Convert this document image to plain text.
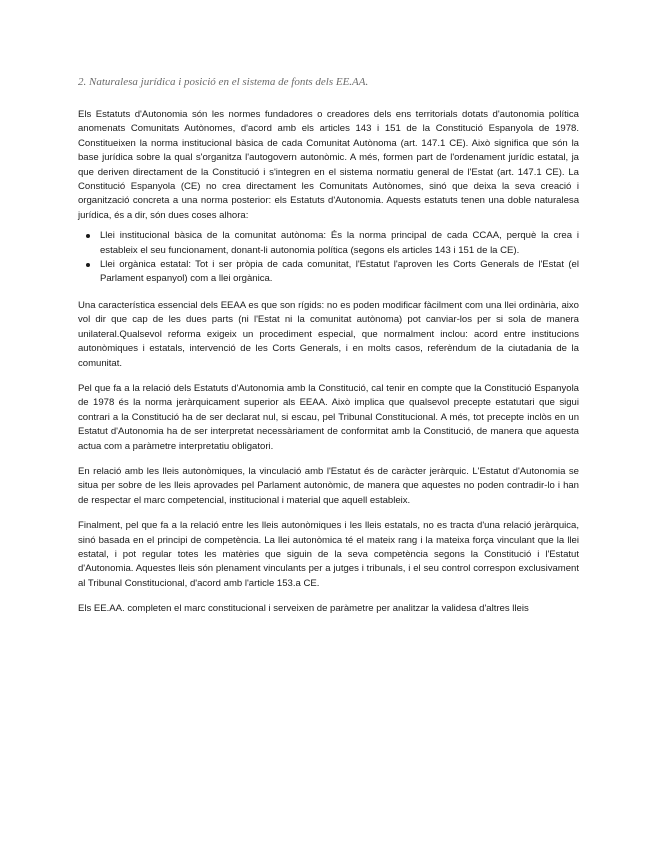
2. Naturalesa jurídica i posició en el sistema de fonts dels EE.AA.

Els Estatuts d'Autonomia són les normes fundadores o creadores dels ens territorials dotats d'autonomia política anomenats Comunitats Autònomes, d'acord amb els articles 143 i 151 de la Constitució Espanyola de 1978. Constitueixen la norma institucional bàsica de cada Comunitat Autònoma (art. 147.1 CE). Això significa que són la base jurídica sobre la qual s'organitza l'autogovern autonòmic. A més, formen part de l'ordenament jurídic estatal, ja que deriven directament de la Constitució i s'integren en el sistema normatiu general de l'Estat (art. 147.1 CE). La Constitució Espanyola (CE) no crea directament les Comunitats Autònomes, sinó que deixa la seva creació i organització concreta a una norma posterior: els Estatuts d'Autonomia. Aquests estatuts tenen una doble naturalesa jurídica, és a dir, són dues coses alhora:

Llei institucional bàsica de la comunitat autònoma: És la norma principal de cada CCAA, perquè la crea i estableix el seu funcionament, donant-li autonomia política (segons els articles 143 i 151 de la CE).
Llei orgànica estatal: Tot i ser pròpia de cada comunitat, l'Estatut l'aproven les Corts Generals de l'Estat (el Parlament espanyol) com a llei orgànica.

Una característica essencial dels EEAA es que son rígids: no es poden modificar fàcilment com una llei ordinària, aixo vol dir que cap de les dues parts (ni l'Estat ni la comunitat autònoma) pot canviar-los per si sola de manera unilateral.Qualsevol reforma exigeix un procediment especial, que normalment inclou: acord entre institucions autonòmiques i estatals, intervenció de les Corts Generals, i en molts casos, referèndum de la ciutadania de la comunitat.

Pel que fa a la relació dels Estatuts d'Autonomia amb la Constitució, cal tenir en compte que la Constitució Espanyola de 1978 és la norma jeràrquicament superior als EEAA. Això implica que qualsevol precepte estatutari que sigui contrari a la Constitució ha de ser declarat nul, si escau, pel Tribunal Constitucional. A més, tot precepte inclòs en un Estatut d'Autonomia ha de ser interpretat necessàriament de conformitat amb la Constitució, de manera que aquesta actua com a paràmetre interpretatiu obligatori.

En relació amb les lleis autonòmiques, la vinculació amb l'Estatut és de caràcter jeràrquic. L'Estatut d'Autonomia se situa per sobre de les lleis aprovades pel Parlament autonòmic, de manera que aquestes no poden contradir-lo i han de respectar el marc competencial, institucional i material que aquell estableix.

Finalment, pel que fa a la relació entre les lleis autonòmiques i les lleis estatals, no es tracta d'una relació jeràrquica, sinó basada en el principi de competència. La llei autonòmica té el mateix rang i la mateixa força vinculant que la llei estatal, i pot regular totes les matèries que siguin de la seva competència segons la Constitució i l'Estatut d'Autonomia. Aquestes lleis són plenament vinculants per a jutges i tribunals, i el seu control correspon exclusivament al Tribunal Constitucional, d'acord amb l'article 153.a CE.

Els EE.AA. completen el marc constitucional i serveixen de paràmetre per analitzar la validesa d'altres lleis
